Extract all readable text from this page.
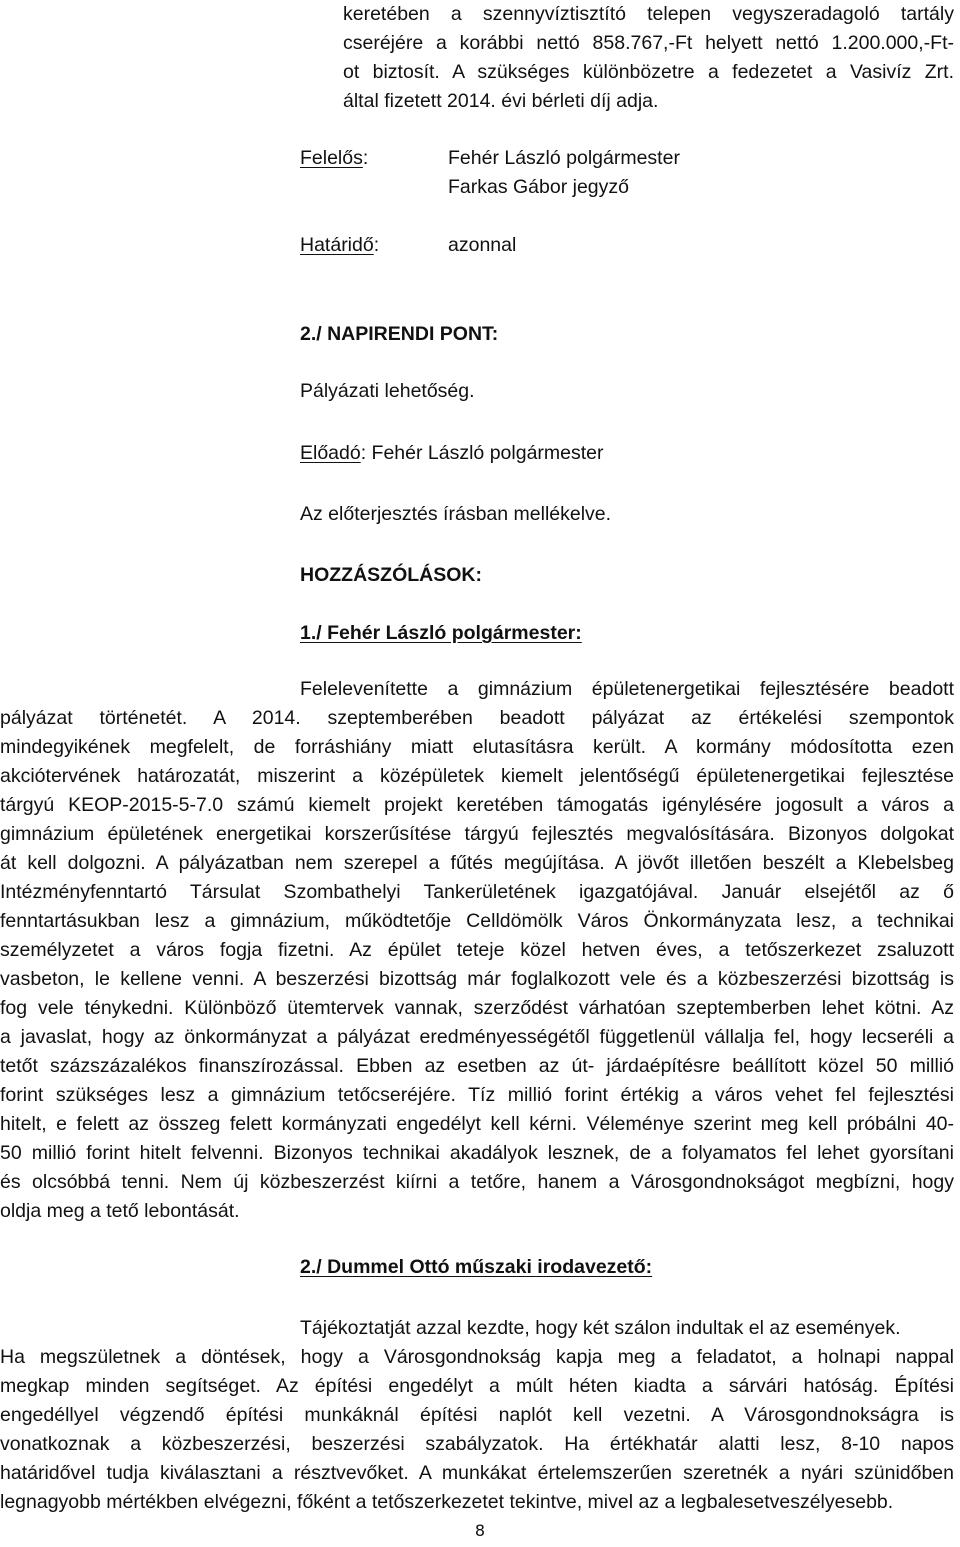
keretében a szennyvíztisztító telepen vegyszeradagoló tartály
cseréjére a korábbi nettó 858.767,-Ft helyett nettó 1.200.000,-Ft-
ot biztosít. A szükséges különbözetre a fedezetet a Vasivíz Zrt.
által fizetett 2014. évi bérleti díj adja.
Felelős:	Fehér László polgármester
Farkas Gábor jegyző
Határidő:	azonnal
2./ NAPIRENDI PONT:
Pályázati lehetőség.
Előadó: Fehér László polgármester
Az előterjesztés írásban mellékelve.
HOZZÁSZÓLÁSOK:
1./ Fehér László polgármester:
Felelevenítette a gimnázium épületenergetikai fejlesztésére beadott
pályázat történetét. A 2014. szeptemberében beadott pályázat az értékelési szempontok
mindegyikének megfelelt, de forráshiány miatt elutasításra került. A kormány módosította ezen
akciótervének határozatát, miszerint a középületek kiemelt jelentőségű épületenergetikai fejlesztése
tárgyú KEOP-2015-5-7.0 számú kiemelt projekt keretében támogatás igénylésére jogosult a város a
gimnázium épületének energetikai korszerűsítése tárgyú fejlesztés megvalósítására. Bizonyos dolgokat
át kell dolgozni. A pályázatban nem szerepel a fűtés megújítása. A jövőt illetően beszélt a Klebelsbeg
Intézményfenntartó Társulat Szombathelyi Tankerületének igazgatójával. Január elsejétől az ő
fenntartásukban lesz a gimnázium, működtetője Celldömölk Város Önkormányzata lesz, a technikai
személyzetet a város fogja fizetni. Az épület teteje közel hetven éves, a tetőszerkezet zsaluzott
vasbeton, le kellene venni. A beszerzési bizottság már foglalkozott vele és a közbeszerzési bizottság is
fog vele ténykedni. Különböző ütemtervek vannak, szerződést várhatóan szeptemberben lehet kötni. Az
a javaslat, hogy az önkormányzat a pályázat eredményességétől függetlenül vállalja fel, hogy lecseréli a
tetőt százszázalékos finanszírozással. Ebben az esetben az út- járdaépítésre beállított közel 50 millió
forint szükséges lesz a gimnázium tetőcseréjére. Tíz millió forint értékig a város vehet fel fejlesztési
hitelt, e felett az összeg felett kormányzati engedélyt kell kérni. Véleménye szerint meg kell próbálni 40-
50 millió forint hitelt felvenni. Bizonyos technikai akadályok lesznek, de a folyamatos fel lehet gyorsítani
és olcsóbbá tenni. Nem új közbeszerzést kiírni a tetőre, hanem a Városgondnokságot megbízni, hogy
oldja meg a tető lebontását.
2./ Dummel Ottó műszaki irodavezető:
Tájékoztatját azzal kezdte, hogy két szálon indultak el az események.
Ha megszületnek a döntések, hogy a Városgondnokság kapja meg a feladatot, a holnapi nappal
megkap minden segítséget. Az építési engedélyt a múlt héten kiadta a sárvári hatóság. Építési
engedéllyel végzendő építési munkáknál építési naplót kell vezetni. A Városgondnokságra is
vonatkoznak a közbeszerzési, beszerzési szabályzatok. Ha értékhatár alatti lesz, 8-10 napos
határidővel tudja kiválasztani a résztvevőket. A munkákat értelemszerűen szeretnék a nyári szünidőben
legnagyobb mértékben elvégezni, főként a tetőszerkezetet tekintve, mivel az a legbalesetveszélyesebb.
8
